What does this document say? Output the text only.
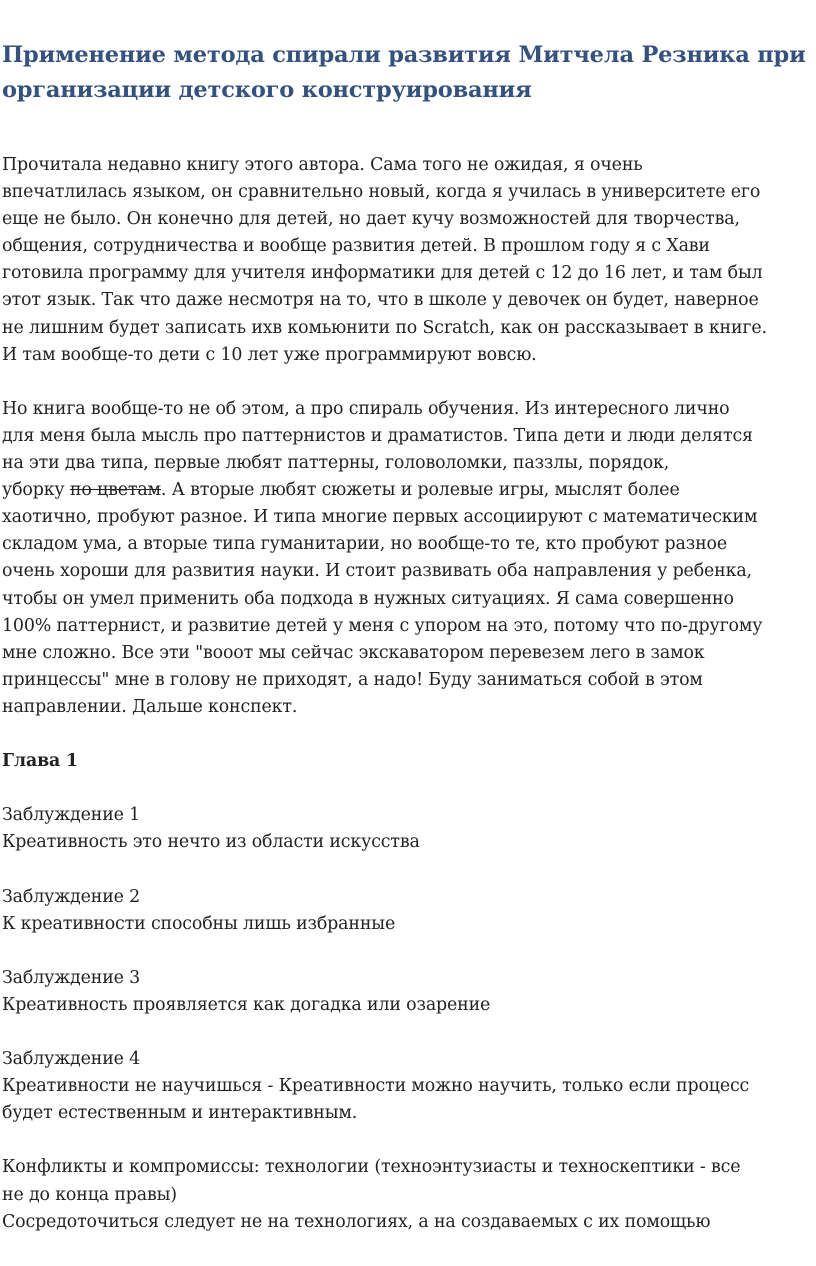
Применение метода спирали развития Митчела Резника при
организации детского конструирования

Прочитала недавно книгу этого автора. Сама того не ожидая, я очень
впечатлилась языком, он сравнительно новый, когда я училась в университете его
еще не было. Он конечно для детей, но дает кучу возможностей для творчества,
общения, сотрудничества и вообще развития детей. В прошлом году я с Хави
готовила программу для учителя информатики для детей с 12 до 16 лет, и там был
этот язык. Так что даже несмотря на то, что в школе у девочек он будет, наверное
не лишним будет записать ихв комьюнити по Scratch, как он рассказывает в книге.
И там вообще-то дети с 10 лет уже программируют вовсю.

Но книга вообще-то не об этом, а про спираль обучения. Из интересного лично
для меня была мысль про паттернистов и драматистов. Типа дети и люди делятся
на эти два типа, первые любят паттерны, головоломки, паззлы, порядок,
уборку по цветам. А вторые любят сюжеты и ролевые игры, мыслят более
хаотично, пробуют разное. И типа многие первых ассоциируют с математическим
складом ума, а вторые типа гуманитарии, но вообще-то те, кто пробуют разное
очень хороши для развития науки. И стоит развивать оба направления у ребенка,
чтобы он умел применить оба подхода в нужных ситуациях. Я сама совершенно
100% паттернист, и развитие детей у меня с упором на это, потому что по-другому
мне сложно. Все эти "вооот мы сейчас экскаватором перевезем лего в замок
принцессы" мне в голову не приходят, а надо! Буду заниматься собой в этом
направлении. Дальше конспект.

Глава 1

Заблуждение 1
Креативность это нечто из области искусства

Заблуждение 2
К креативности способны лишь избранные

Заблуждение 3
Креативность проявляется как догадка или озарение

Заблуждение 4
Креативности не научишься - Креативности можно научить, только если процесс
будет естественным и интерактивным.

Конфликты и компромиссы: технологии (техноэнтузиасты и техноскептики - все
не до конца правы)
Сосредоточиться следует не на технологиях, а на создаваемых с их помощью
